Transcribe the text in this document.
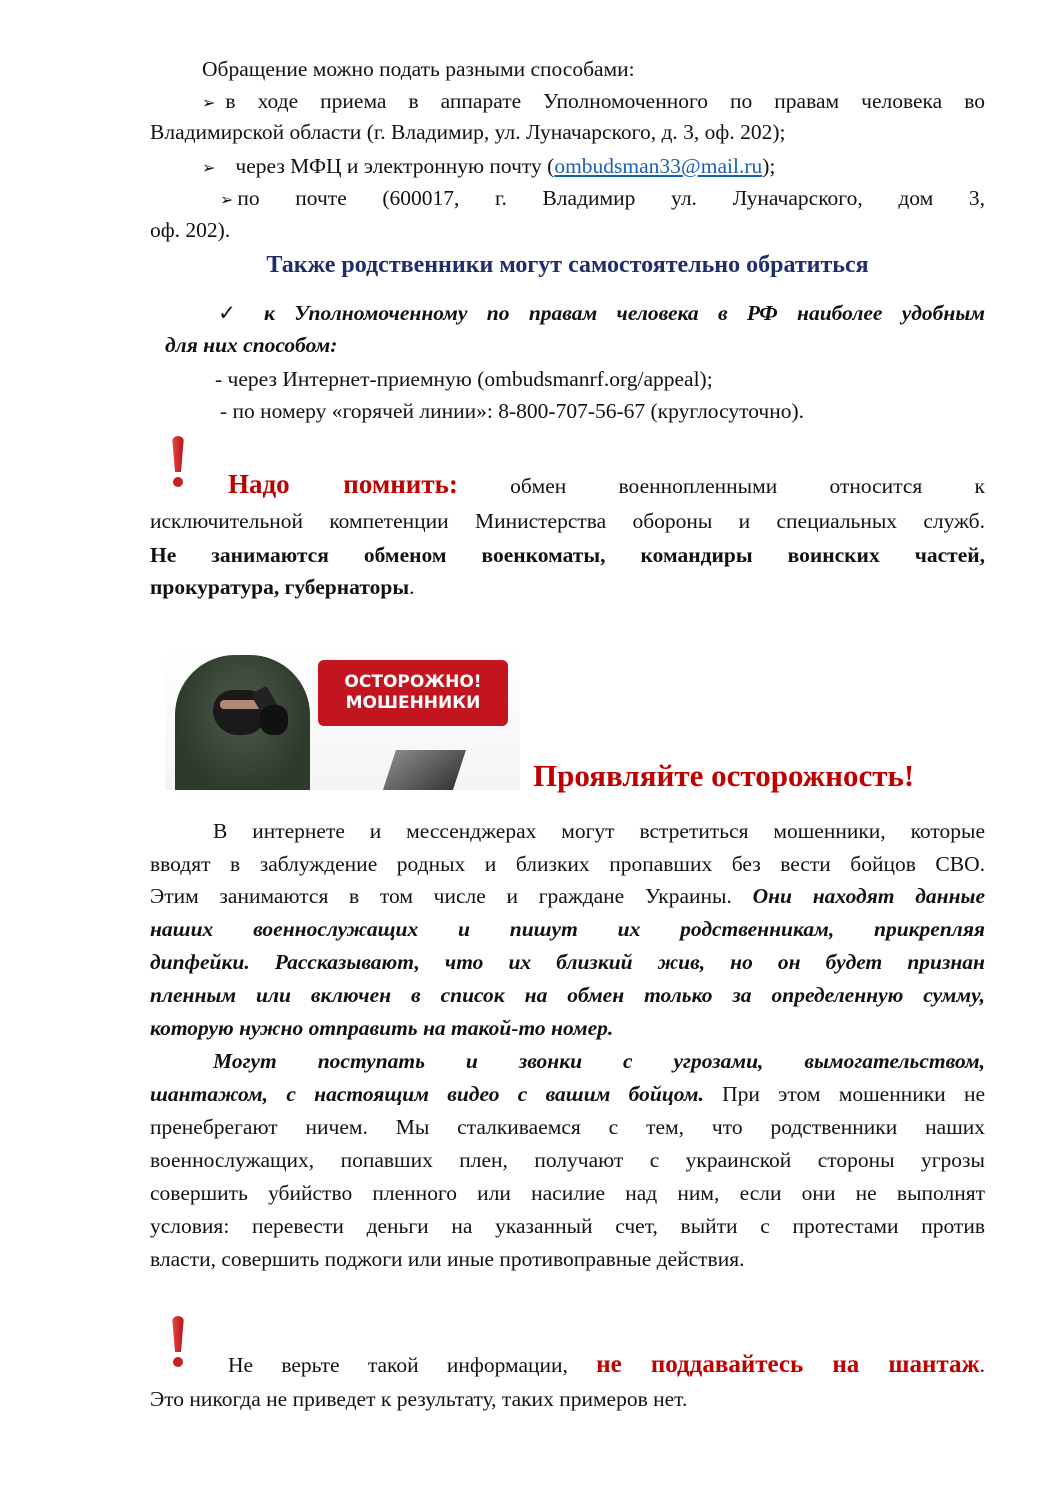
Обращение можно подать разными способами:
➢ в ходе приема в аппарате Уполномоченного по правам человека во
Владимирской области (г. Владимир, ул. Луначарского, д. 3, оф. 202);
➢ через МФЦ и электронную почту (ombudsman33@mail.ru);
➢ по почте (600017, г. Владимир ул. Луначарского, дом 3,
оф. 202).
Также родственники могут самостоятельно обратиться
✓ к Уполномоченному по правам человека в РФ наиболее удобным
для них способом:
- через Интернет-приемную (ombudsmanrf.org/appeal);
- по номеру «горячей линии»: 8-800-707-56-67 (круглосуточно).
Надо помнить: обмен военнопленными относится к
исключительной компетенции Министерства обороны и специальных служб.
Не занимаются обменом военкоматы, командиры воинских частей,
прокуратура, губернаторы.
ОСТОРОЖНО!
МОШЕННИКИ
Проявляйте осторожность!
В интернете и мессенджерах могут встретиться мошенники, которые
вводят в заблуждение родных и близких пропавших без вести бойцов СВО.
Этим занимаются в том числе и граждане Украины. Они находят данные
наших военнослужащих и пишут их родственникам, прикрепляя
дипфейки. Рассказывают, что их близкий жив, но он будет признан
пленным или включен в список на обмен только за определенную сумму,
которую нужно отправить на такой-то номер.
Могут поступать и звонки с угрозами, вымогательством,
шантажом, с настоящим видео с вашим бойцом. При этом мошенники не
пренебрегают ничем. Мы сталкиваемся с тем, что родственники наших
военнослужащих, попавших плен, получают с украинской стороны угрозы
совершить убийство пленного или насилие над ним, если они не выполнят
условия: перевести деньги на указанный счет, выйти с протестами против
власти, совершить поджоги или иные противоправные действия.
Не верьте такой информации, не поддавайтесь на шантаж.
Это никогда не приведет к результату, таких примеров нет.
